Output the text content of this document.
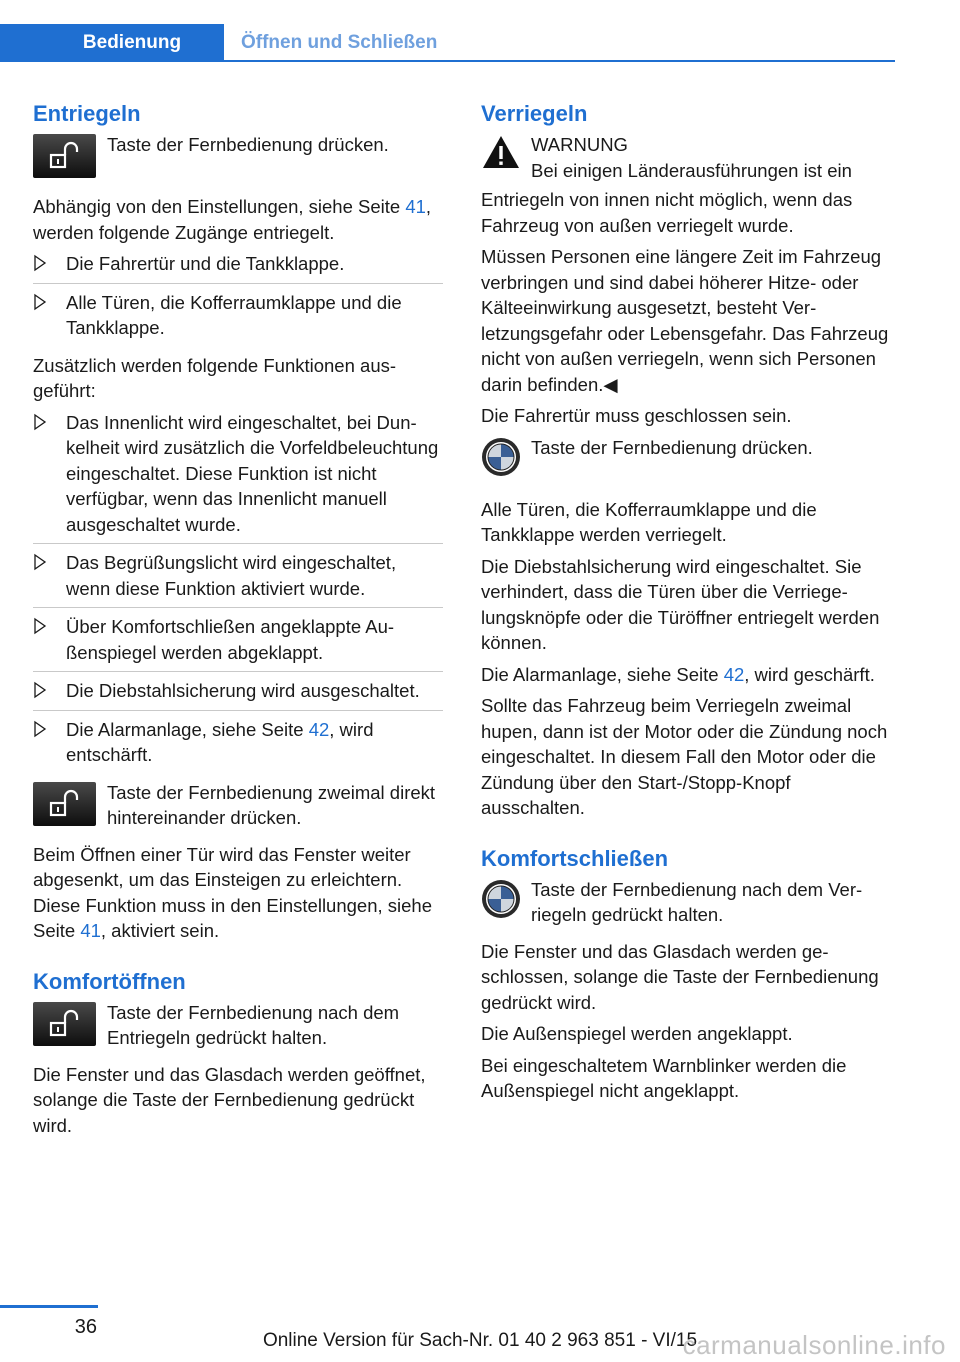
Bedienung	Öffnen und Schließen
Entriegeln
Taste der Fernbedienung drücken.

Abhängig von den Einstellungen, siehe Seite 41, werden folgende Zugänge entriegelt.

Die Fahrertür und die Tankklappe.
Alle Türen, die Kofferraumklappe und die Tankklappe.

Zusätzlich werden folgende Funktionen ausgeführt:

Das Innenlicht wird eingeschaltet, bei Dunkelheit wird zusätzlich die Vorfeldbeleuchtung eingeschaltet. Diese Funktion ist nicht verfügbar, wenn das Innenlicht manuell ausgeschaltet wurde.
Das Begrüßungslicht wird eingeschaltet, wenn diese Funktion aktiviert wurde.
Über Komfortschließen angeklappte Außenspiegel werden abgeklappt.
Die Diebstahlsicherung wird ausgeschaltet.
Die Alarmanlage, siehe Seite 42, wird entschärft.
Taste der Fernbedienung zweimal direkt hintereinander drücken.

Beim Öffnen einer Tür wird das Fenster weiter abgesenkt, um das Einsteigen zu erleichtern. Diese Funktion muss in den Einstellungen, siehe Seite 41, aktiviert sein.

Komfortöffnen
Taste der Fernbedienung nach dem Entriegeln gedrückt halten.

Die Fenster und das Glasdach werden geöffnet, solange die Taste der Fernbedienung gedrückt wird.

Verriegeln
WARNUNG
Bei einigen Länderausführungen ist ein

Entriegeln von innen nicht möglich, wenn das Fahrzeug von außen verriegelt wurde.

Müssen Personen eine längere Zeit im Fahrzeug verbringen und sind dabei höherer Hitze- oder Kälteeinwirkung ausgesetzt, besteht Verletzungsgefahr oder Lebensgefahr. Das Fahrzeug nicht von außen verriegeln, wenn sich Personen darin befinden.◀

Die Fahrertür muss geschlossen sein.

Taste der Fernbedienung drücken.

Alle Türen, die Kofferraumklappe und die Tankklappe werden verriegelt.

Die Diebstahlsicherung wird eingeschaltet. Sie verhindert, dass die Türen über die Verriegelungsknöpfe oder die Türöffner entriegelt werden können.

Die Alarmanlage, siehe Seite 42, wird geschärft.

Sollte das Fahrzeug beim Verriegeln zweimal hupen, dann ist der Motor oder die Zündung noch eingeschaltet. In diesem Fall den Motor oder die Zündung über den Start-/Stopp-Knopf ausschalten.

Komfortschließen
Taste der Fernbedienung nach dem Verriegeln gedrückt halten.

Die Fenster und das Glasdach werden geschlossen, solange die Taste der Fernbedienung gedrückt wird.

Die Außenspiegel werden angeklappt.

Bei eingeschaltetem Warnblinker werden die Außenspiegel nicht angeklappt.

36
Online Version für Sach-Nr. 01 40 2 963 851 - VI/15
carmanualsonline.info
